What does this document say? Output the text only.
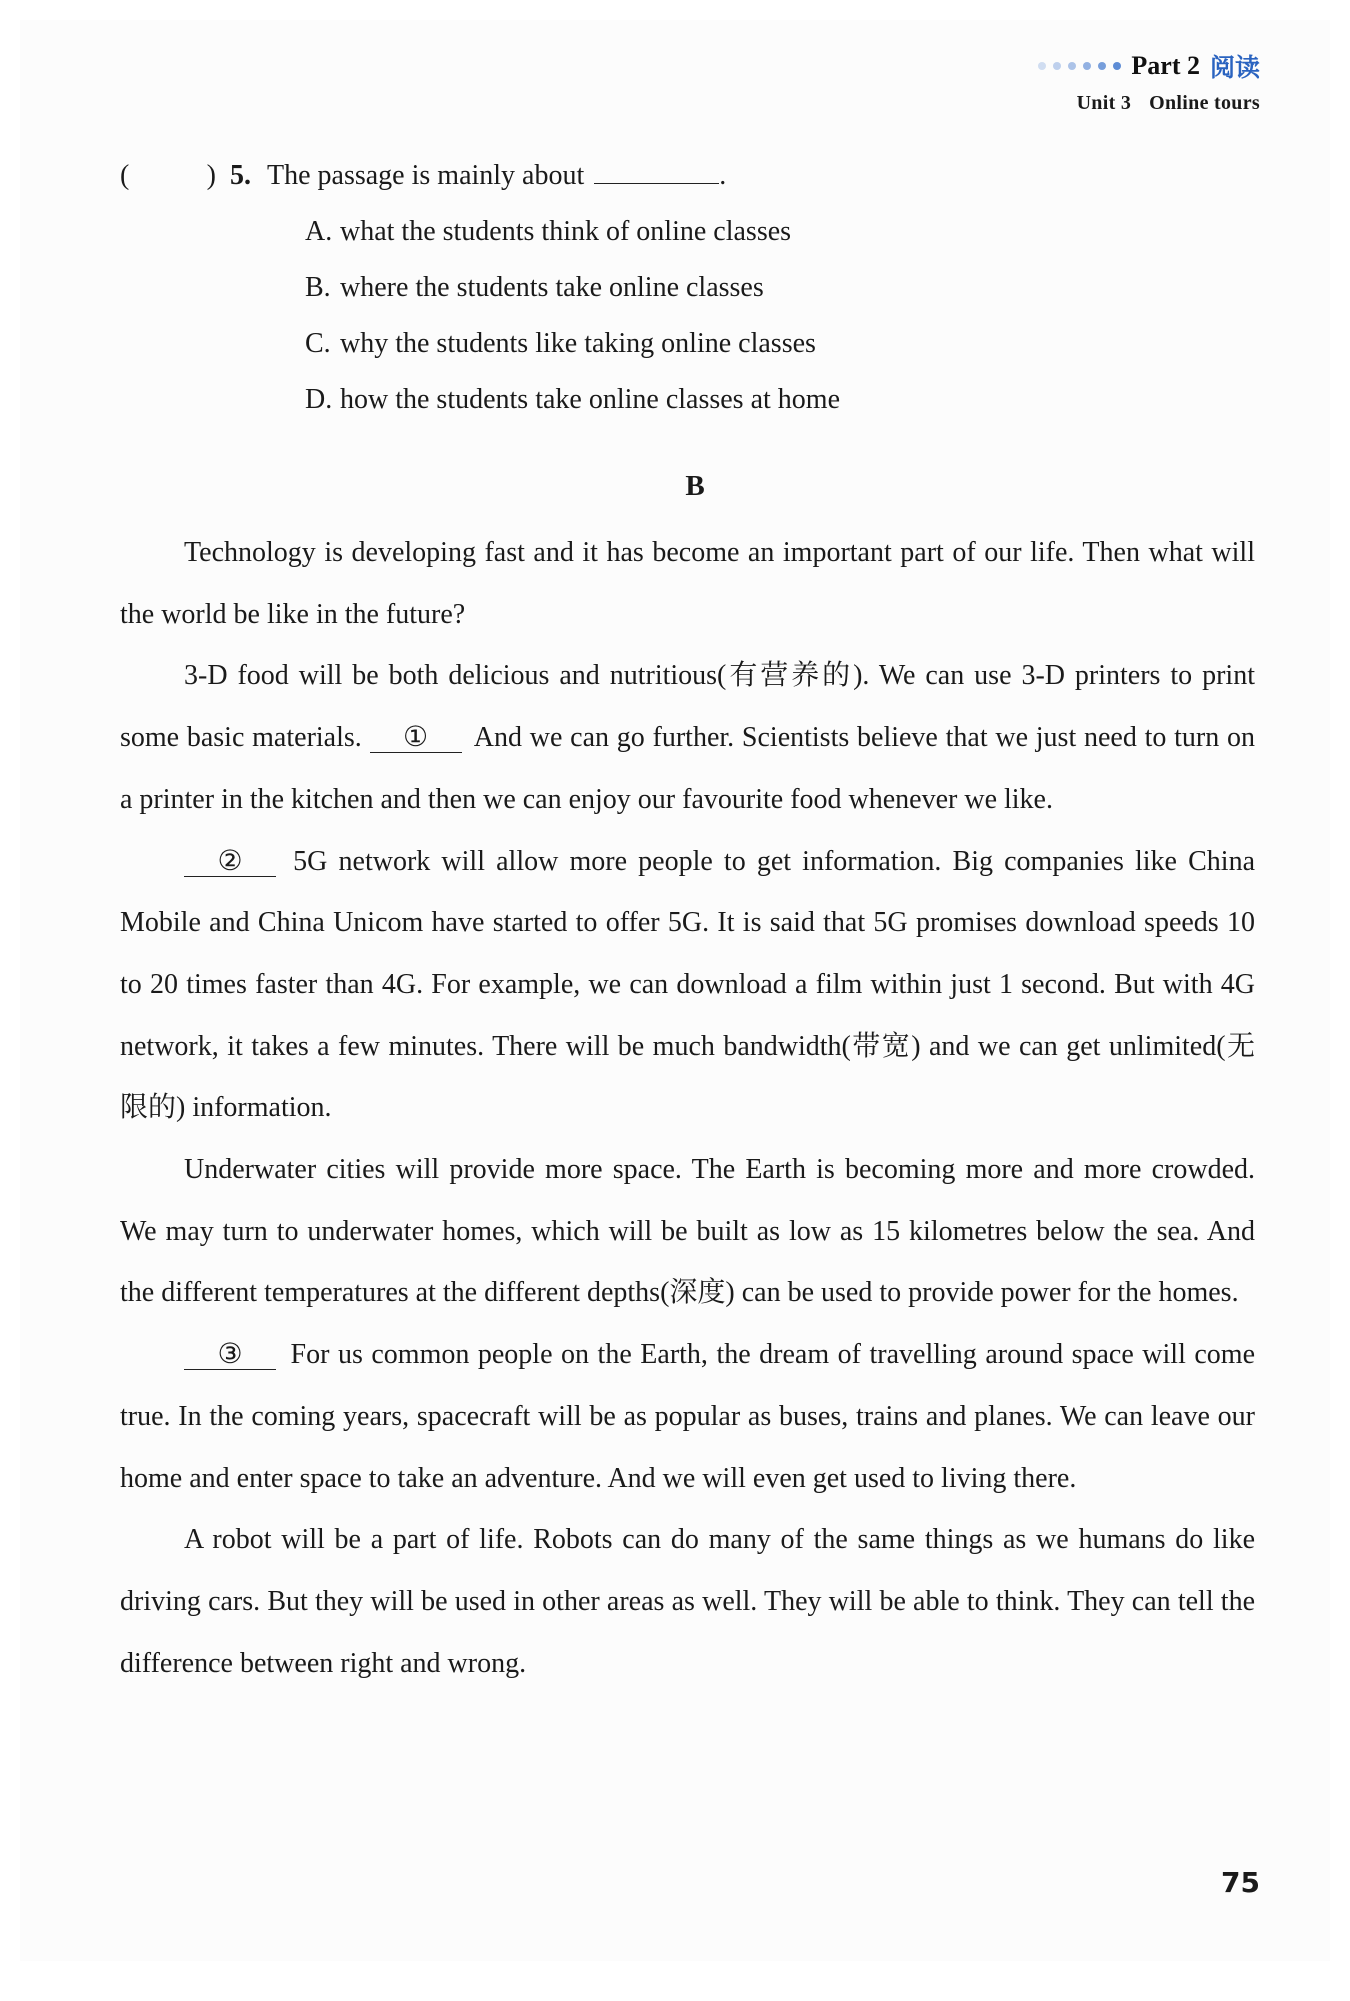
Part 2 阅读
Unit 3 Online tours
(	) 5. The passage is mainly about	.
A. what the students think of online classes
B. where the students take online classes
C. why the students like taking online classes
D. how the students take online classes at home
B

Technology is developing fast and it has become an important part of our life. Then what will the world be like in the future?

3-D food will be both delicious and nutritious(有营养的). We can use 3-D printers to print some basic materials. ① And we can go further. Scientists believe that we just need to turn on a printer in the kitchen and then we can enjoy our favourite food whenever we like.

② 5G network will allow more people to get information. Big companies like China Mobile and China Unicom have started to offer 5G. It is said that 5G promises download speeds 10 to 20 times faster than 4G. For example, we can download a film within just 1 second. But with 4G network, it takes a few minutes. There will be much bandwidth(带宽) and we can get unlimited(无限的) information.

Underwater cities will provide more space. The Earth is becoming more and more crowded. We may turn to underwater homes, which will be built as low as 15 kilometres below the sea. And the different temperatures at the different depths(深度) can be used to provide power for the homes.

③ For us common people on the Earth, the dream of travelling around space will come true. In the coming years, spacecraft will be as popular as buses, trains and planes. We can leave our home and enter space to take an adventure. And we will even get used to living there.

A robot will be a part of life. Robots can do many of the same things as we humans do like driving cars. But they will be used in other areas as well. They will be able to think. They can tell the difference between right and wrong.

75
